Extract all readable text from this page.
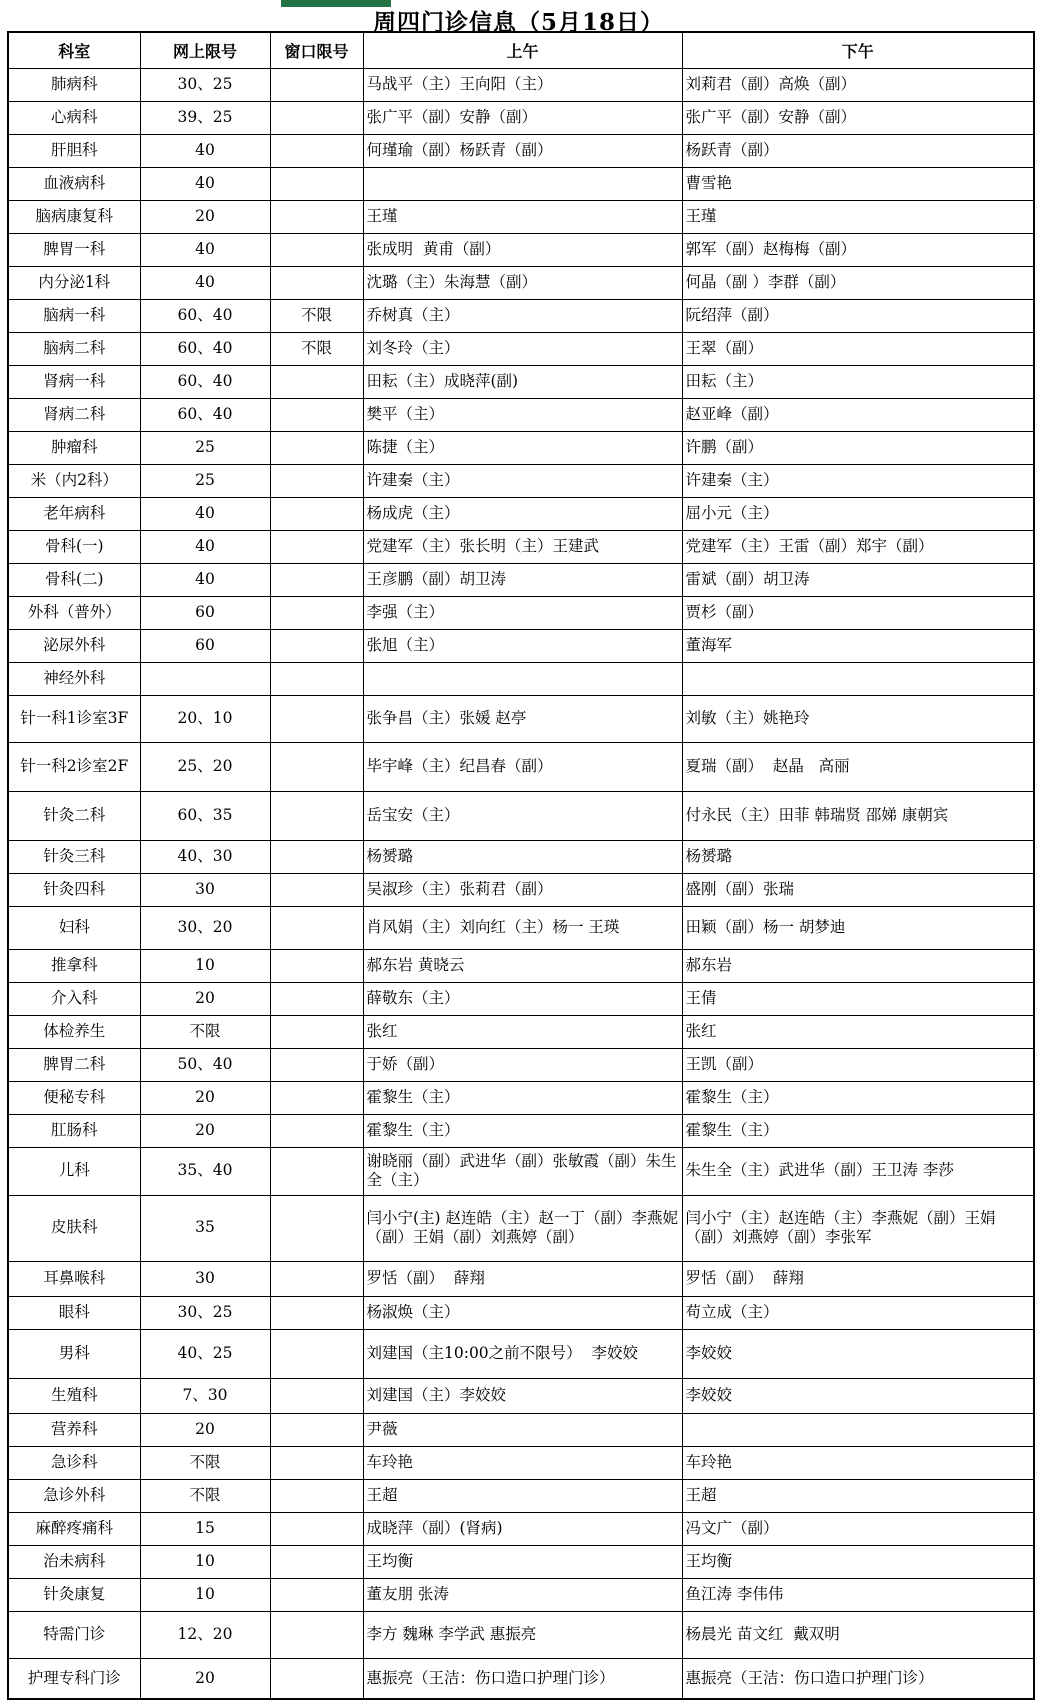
周四门诊信息（5月18日）
科室	网上限号	窗口限号	上午	下午
肺病科	30、25		马战平（主）王向阳（主）	刘莉君（副）高焕（副）
心病科	39、25		张广平（副）安静（副）	张广平（副）安静（副）
肝胆科	40		何瑾瑜（副）杨跃青（副）	杨跃青（副）
血液病科	40			曹雪艳
脑病康复科	20		王瑾	王瑾
脾胃一科	40		张成明  黄甫（副）	郭军（副）赵梅梅（副）
内分泌1科	40		沈璐（主）朱海慧（副）	何晶（副 ）李群（副）
脑病一科	60、40	不限	乔树真（主）	阮绍萍（副）
脑病二科	60、40	不限	刘冬玲（主）	王翠（副）
肾病一科	60、40		田耘（主）成晓萍(副)	田耘（主）
肾病二科	60、40		樊平（主）	赵亚峰（副）
肿瘤科	25		陈捷（主）	许鹏（副）
米（内2科）	25		许建秦（主）	许建秦（主）
老年病科	40		杨成虎（主）	屈小元（主）
骨科(一)	40		党建军（主）张长明（主）王建武	党建军（主）王雷（副）郑宇（副）
骨科(二)	40		王彦鹏（副）胡卫涛	雷斌（副）胡卫涛
外科（普外）	60		李强（主）	贾杉（副）
泌尿外科	60		张旭（主）	董海军
神经外科				
针一科1诊室3F	20、10		张争昌（主）张媛 赵亭	刘敏（主）姚艳玲
针一科2诊室2F	25、20		毕宇峰（主）纪昌春（副）	夏瑞（副）  赵晶   高丽
针灸二科	60、35		岳宝安（主）	付永民（主）田菲 韩瑞贤 邵娣 康朝宾
针灸三科	40、30		杨赟璐	杨赟璐
针灸四科	30		吴淑珍（主）张莉君（副）	盛刚（副）张瑞
妇科	30、20		肖风娟（主）刘向红（主）杨一 王瑛	田颖（副）杨一 胡梦迪
推拿科	10		郝东岩 黄晓云	郝东岩
介入科	20		薛敬东（主）	王倩
体检养生	不限		张红	张红
脾胃二科	50、40		于娇（副）	王凯（副）
便秘专科	20		霍黎生（主）	霍黎生（主）
肛肠科	20		霍黎生（主）	霍黎生（主）
儿科	35、40		谢晓丽（副）武进华（副）张敏霞（副）朱生全（主）	朱生全（主）武进华（副）王卫涛 李莎
皮肤科	35		闫小宁(主) 赵连皓（主）赵一丁（副）李燕妮（副）王娟（副）刘燕婷（副）	闫小宁（主）赵连皓（主）李燕妮（副）王娟（副）刘燕婷（副）李张军
耳鼻喉科	30		罗恬（副）  薛翔	罗恬（副）  薛翔
眼科	30、25		杨淑焕（主）	苟立成（主）
男科	40、25		刘建国（主10:00之前不限号）  李姣姣	李姣姣
生殖科	7、30		刘建国（主）李姣姣	李姣姣
营养科	20		尹薇	
急诊科	不限		车玲艳	车玲艳
急诊外科	不限		王超	王超
麻醉疼痛科	15		成晓萍（副）(肾病)	冯文广（副）
治未病科	10		王均衡	王均衡
针灸康复	10		董友朋 张涛	鱼江涛 李伟伟
特需门诊	12、20		李方 魏琳 李学武 惠振亮	杨晨光 苗文红  戴双明
护理专科门诊	20		惠振亮（王洁：伤口造口护理门诊）	惠振亮（王洁：伤口造口护理门诊）
